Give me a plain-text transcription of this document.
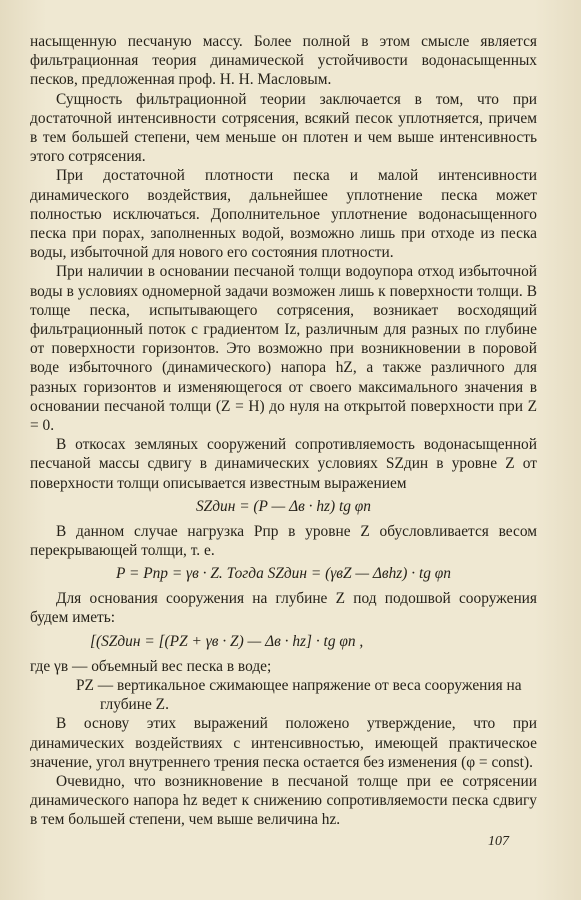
насыщенную песчаную массу. Более полной в этом смысле является фильтрационная теория динамической устойчивости водонасыщенных песков, предложенная проф. Н. Н. Масловым.

Сущность фильтрационной теории заключается в том, что при достаточной интенсивности сотрясения, всякий песок уплотняется, причем в тем большей степени, чем меньше он плотен и чем выше интенсивность этого сотрясения.

При достаточной плотности песка и малой интенсивности динамического воздействия, дальнейшее уплотнение песка может полностью исключаться. Дополнительное уплотнение водонасыщенного песка при порах, заполненных водой, возможно лишь при отходе из песка воды, избыточной для нового его состояния плотности.

При наличии в основании песчаной толщи водоупора отход избыточной воды в условиях одномерной задачи возможен лишь к поверхности толщи. В толще песка, испытывающего сотрясения, возникает восходящий фильтрационный поток с градиентом Iz, различным для разных по глубине от поверхности горизонтов. Это возможно при возникновении в поровой воде избыточного (динамического) напора hZ, а также различного для разных горизонтов и изменяющегося от своего максимального значения в основании песчаной толщи (Z = H) до нуля на открытой поверхности при Z = 0.

В откосах земляных сооружений сопротивляемость водонасыщенной песчаной массы сдвигу в динамических условиях SZдин в уровне Z от поверхности толщи описывается известным выражением

SZдин = (P — Δв · hz) tg φп

В данном случае нагрузка Pпр в уровне Z обусловливается весом перекрывающей толщи, т. е.

P = Pпр = γв · Z. Тогда SZдин = (γвZ — Δвhz) · tg φп

Для основания сооружения на глубине Z под подошвой сооружения будем иметь:

[(SZдин = [(PZ + γв · Z) — Δв · hz] · tg φп ,

где γв — объемный вес песка в воде;

PZ — вертикальное сжимающее напряжение от веса сооружения на глубине Z.

В основу этих выражений положено утверждение, что при динамических воздействиях с интенсивностью, имеющей практическое значение, угол внутреннего трения песка остается без изменения (φ = const).

Очевидно, что возникновение в песчаной толще при ее сотрясении динамического напора hz ведет к снижению сопротивляемости песка сдвигу в тем большей степени, чем выше величина hz.

107
